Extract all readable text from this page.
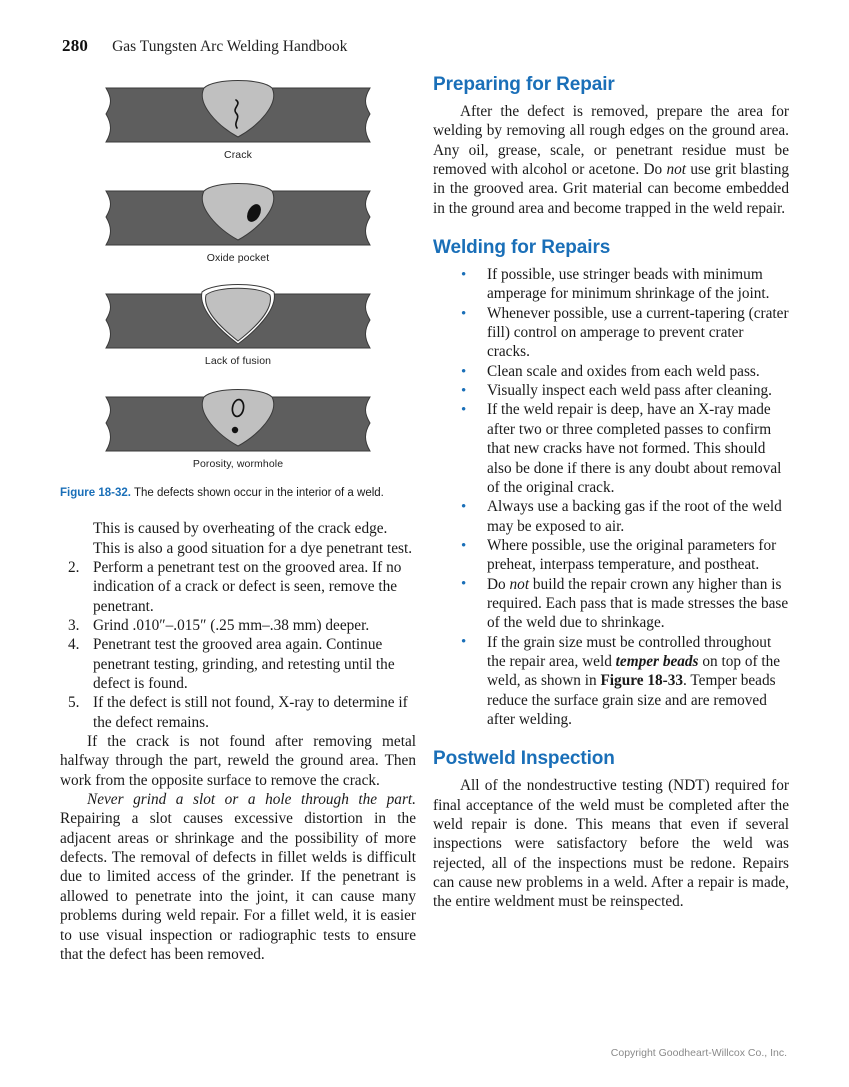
280 Gas Tungsten Arc Welding Handbook
Crack
Oxide pocket
Lack of fusion
Porosity, wormhole
Figure 18-32. The defects shown occur in the interior of a weld.
This is caused by overheating of the crack edge. This is also a good situation for a dye penetrant test.
2. Perform a penetrant test on the grooved area. If no indication of a crack or defect is seen, remove the penetrant.
3. Grind .010″–.015″ (.25 mm–.38 mm) deeper.
4. Penetrant test the grooved area again. Continue penetrant testing, grinding, and retesting until the defect is found.
5. If the defect is still not found, X-ray to determine if the defect remains.

If the crack is not found after removing metal halfway through the part, reweld the ground area. Then work from the opposite surface to remove the crack.

Never grind a slot or a hole through the part. Repairing a slot causes excessive distortion in the adjacent areas or shrinkage and the possibility of more defects. The removal of defects in fillet welds is difficult due to limited access of the grinder. If the penetrant is allowed to penetrate into the joint, it can cause many problems during weld repair. For a fillet weld, it is easier to use visual inspection or radiographic tests to ensure that the defect has been removed.

Preparing for Repair

After the defect is removed, prepare the area for welding by removing all rough edges on the ground area. Any oil, grease, scale, or penetrant residue must be removed with alcohol or acetone. Do not use grit blasting in the grooved area. Grit material can become embedded in the ground area and become trapped in the weld repair.

Welding for Repairs
• If possible, use stringer beads with minimum amperage for minimum shrinkage of the joint.
• Whenever possible, use a current-tapering (crater fill) control on amperage to prevent crater cracks.
• Clean scale and oxides from each weld pass.
• Visually inspect each weld pass after cleaning.
• If the weld repair is deep, have an X-ray made after two or three completed passes to confirm that new cracks have not formed. This should also be done if there is any doubt about removal of the original crack.
• Always use a backing gas if the root of the weld may be exposed to air.
• Where possible, use the original parameters for preheat, interpass temperature, and postheat.
• Do not build the repair crown any higher than is required. Each pass that is made stresses the base of the weld due to shrinkage.
• If the grain size must be controlled throughout the repair area, weld temper beads on top of the weld, as shown in Figure 18-33. Temper beads reduce the surface grain size and are removed after welding.
Postweld Inspection

All of the nondestructive testing (NDT) required for final acceptance of the weld must be completed after the weld repair is done. This means that even if several inspections were satisfactory before the weld was rejected, all of the inspections must be redone. Repairs can cause new problems in a weld. After a repair is made, the entire weldment must be reinspected.

Copyright Goodheart-Willcox Co., Inc.
